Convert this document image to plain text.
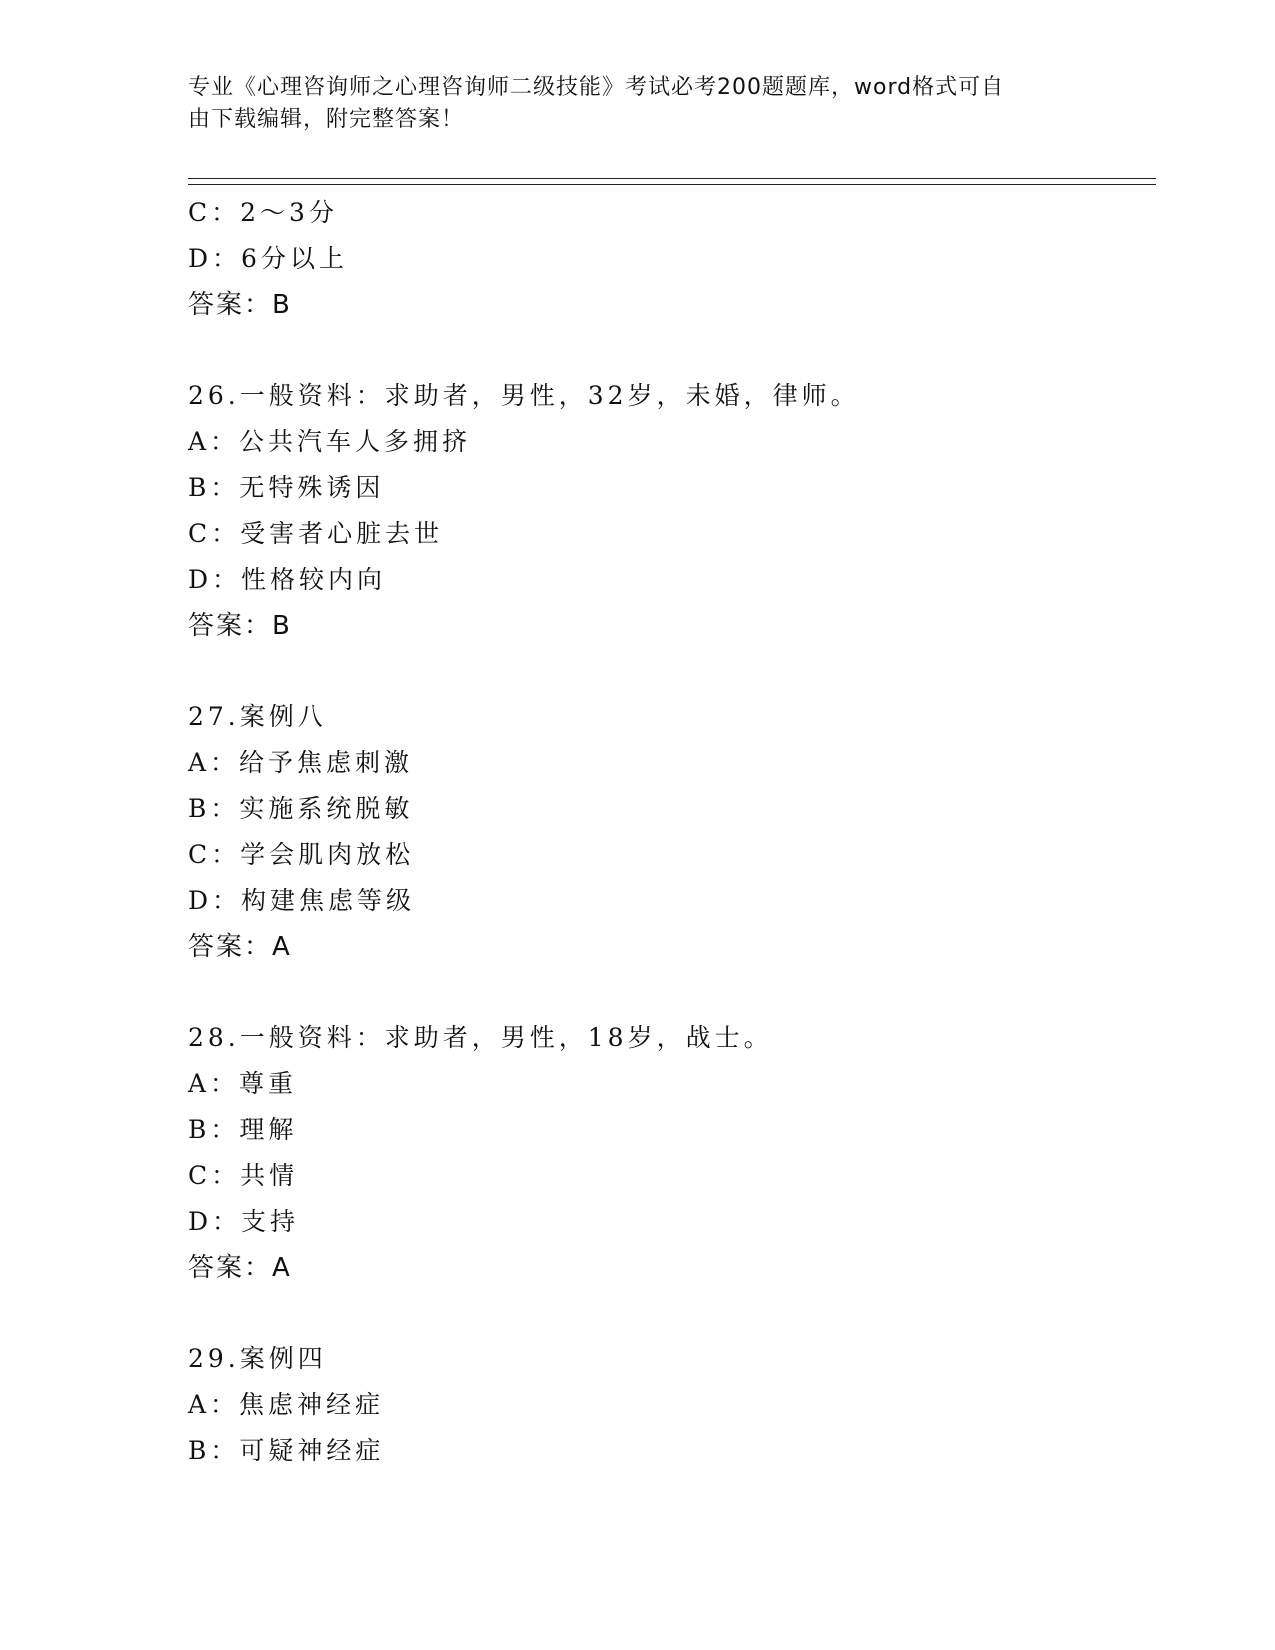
专业《心理咨询师之心理咨询师二级技能》考试必考200题题库，word格式可自
由下载编辑，附完整答案！
C：2～3分
D：6分以上
答案：B
26.一般资料：求助者，男性，32岁，未婚，律师。
A：公共汽车人多拥挤
B：无特殊诱因
C：受害者心脏去世
D：性格较内向
答案：B
27.案例八
A：给予焦虑刺激
B：实施系统脱敏
C：学会肌肉放松
D：构建焦虑等级
答案：A
28.一般资料：求助者，男性，18岁，战士。
A：尊重
B：理解
C：共情
D：支持
答案：A
29.案例四
A：焦虑神经症
B：可疑神经症
